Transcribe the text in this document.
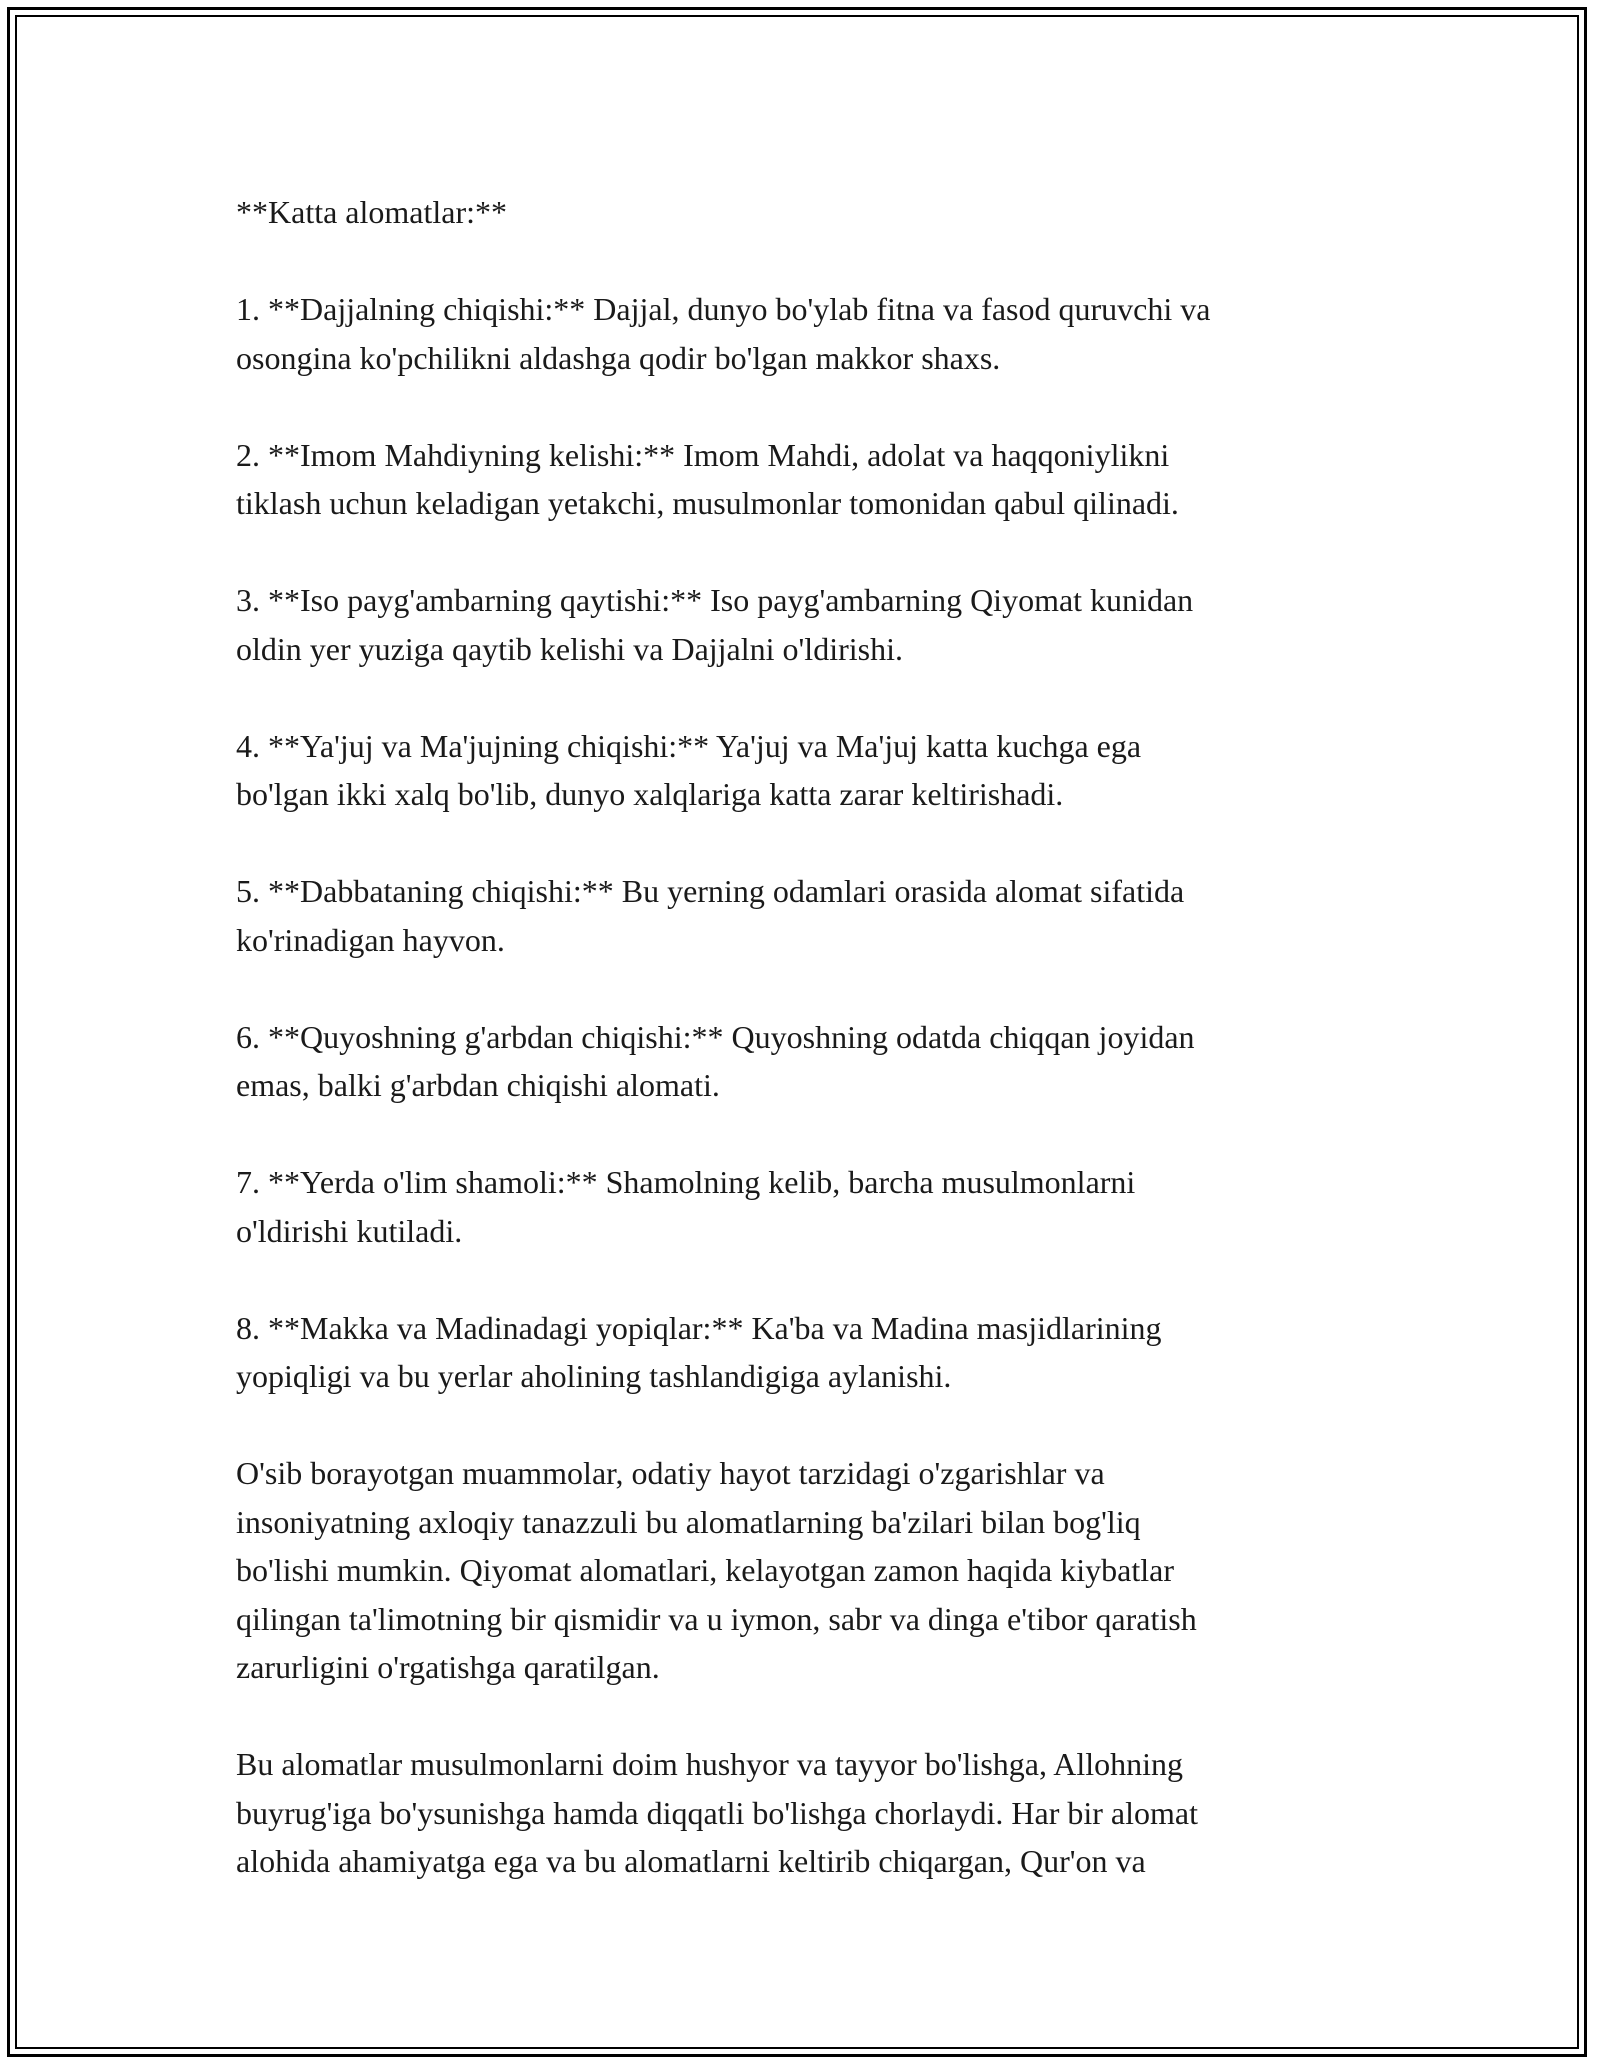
**Katta alomatlar:**

1. **Dajjalning chiqishi:** Dajjal, dunyo bo'ylab fitna va fasod quruvchi va
osongina ko'pchilikni aldashga qodir bo'lgan makkor shaxs.

2. **Imom Mahdiyning kelishi:** Imom Mahdi, adolat va haqqoniylikni
tiklash uchun keladigan yetakchi, musulmonlar tomonidan qabul qilinadi.

3. **Iso payg'ambarning qaytishi:** Iso payg'ambarning Qiyomat kunidan
oldin yer yuziga qaytib kelishi va Dajjalni o'ldirishi.

4. **Ya'juj va Ma'jujning chiqishi:** Ya'juj va Ma'juj katta kuchga ega
bo'lgan ikki xalq bo'lib, dunyo xalqlariga katta zarar keltirishadi.

5. **Dabbataning chiqishi:** Bu yerning odamlari orasida alomat sifatida
ko'rinadigan hayvon.

6. **Quyoshning g'arbdan chiqishi:** Quyoshning odatda chiqqan joyidan
emas, balki g'arbdan chiqishi alomati.

7. **Yerda o'lim shamoli:** Shamolning kelib, barcha musulmonlarni
o'ldirishi kutiladi.

8. **Makka va Madinadagi yopiqlar:** Ka'ba va Madina masjidlarining
yopiqligi va bu yerlar aholining tashlandigiga aylanishi.

O'sib borayotgan muammolar, odatiy hayot tarzidagi o'zgarishlar va
insoniyatning axloqiy tanazzuli bu alomatlarning ba'zilari bilan bog'liq
bo'lishi mumkin. Qiyomat alomatlari, kelayotgan zamon haqida kiybatlar
qilingan ta'limotning bir qismidir va u iymon, sabr va dinga e'tibor qaratish
zarurligini o'rgatishga qaratilgan.

Bu alomatlar musulmonlarni doim hushyor va tayyor bo'lishga, Allohning
buyrug'iga bo'ysunishga hamda diqqatli bo'lishga chorlaydi. Har bir alomat
alohida ahamiyatga ega va bu alomatlarni keltirib chiqargan, Qur'on va
